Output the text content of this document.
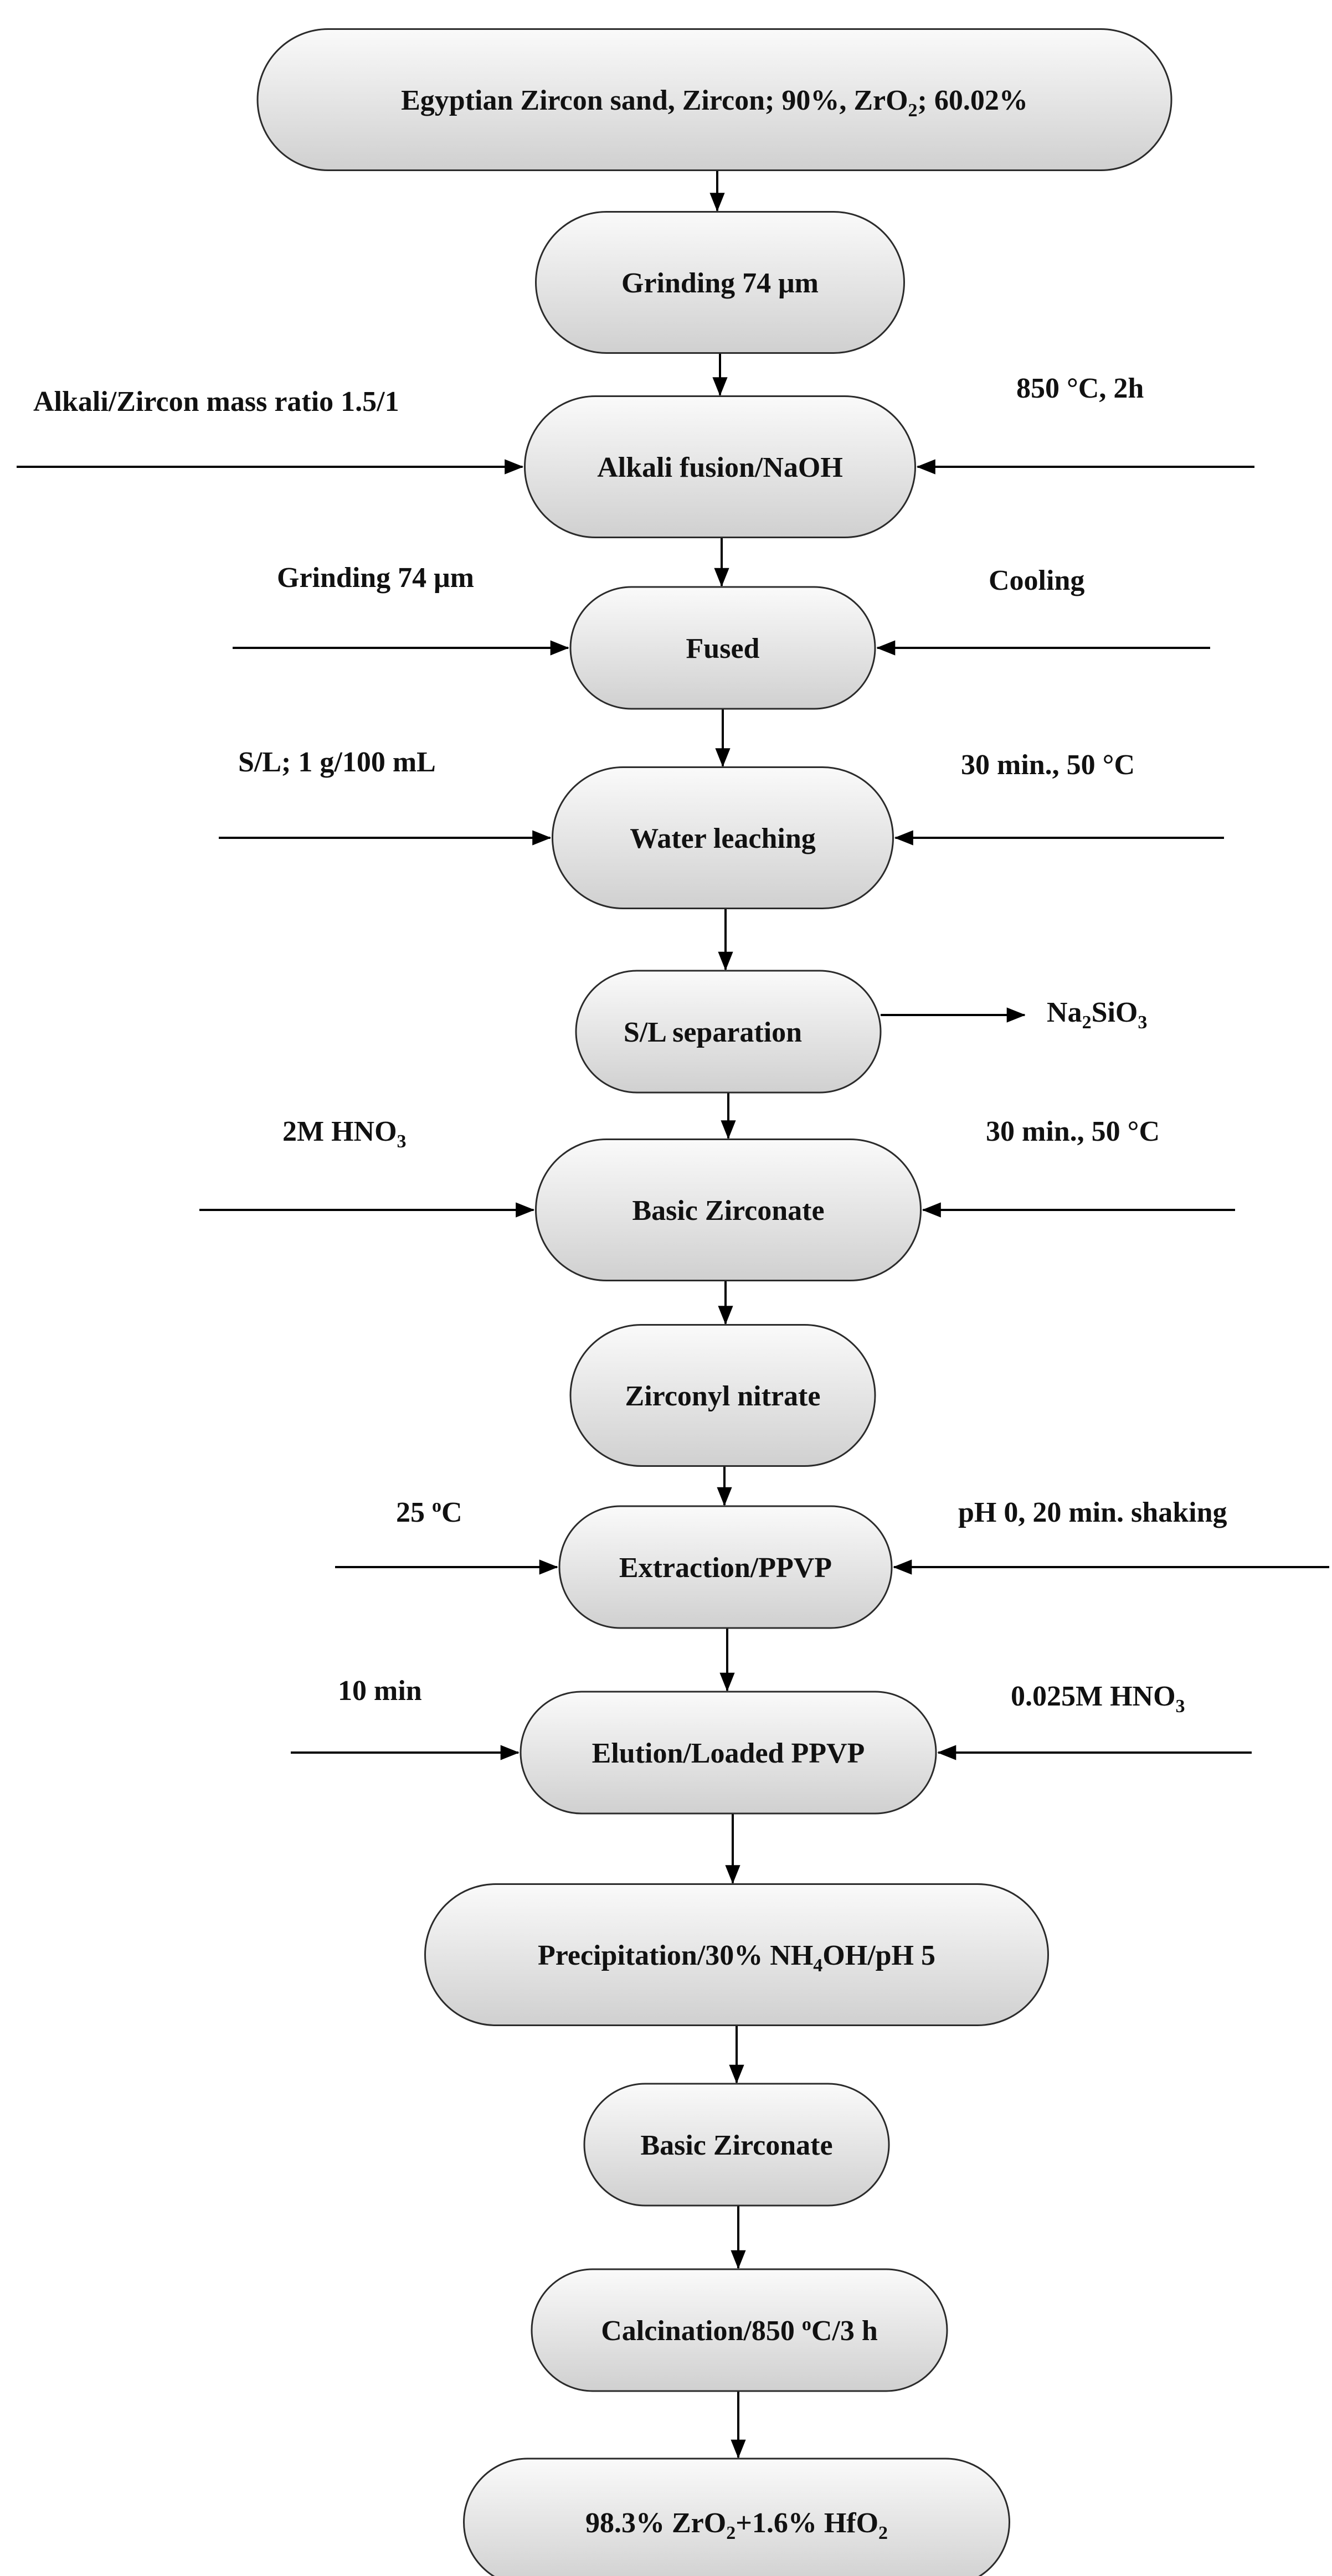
Egyptian Zircon sand, Zircon; 90%, ZrO$_2$; 60.02%
Grinding 74 μm
Alkali fusion/NaOH
Fused
Water leaching
S/L separation
Basic Zirconate
Zirconyl nitrate
Extraction/PPVP
Elution/Loaded PPVP
Precipitation/30% $NH_4OH/pH$ 5
Basic Zirconate
Calcination/850 $^o$C/3 h
98.3% ZrO$_2$+1.6% HfO$_2$
Alkali/Zircon mass ratio 1.5/1	850 °C, 2h
Grinding 74 μm	Cooling
S/L; 1 g/100 mL	30 min., 50 °C
2M $HNO_3$	30 min., 50 °C
25 $^o$C	pH 0, 20 min. shaking
10 min	0.025M $HNO_3$
$Na_2SiO_3$
